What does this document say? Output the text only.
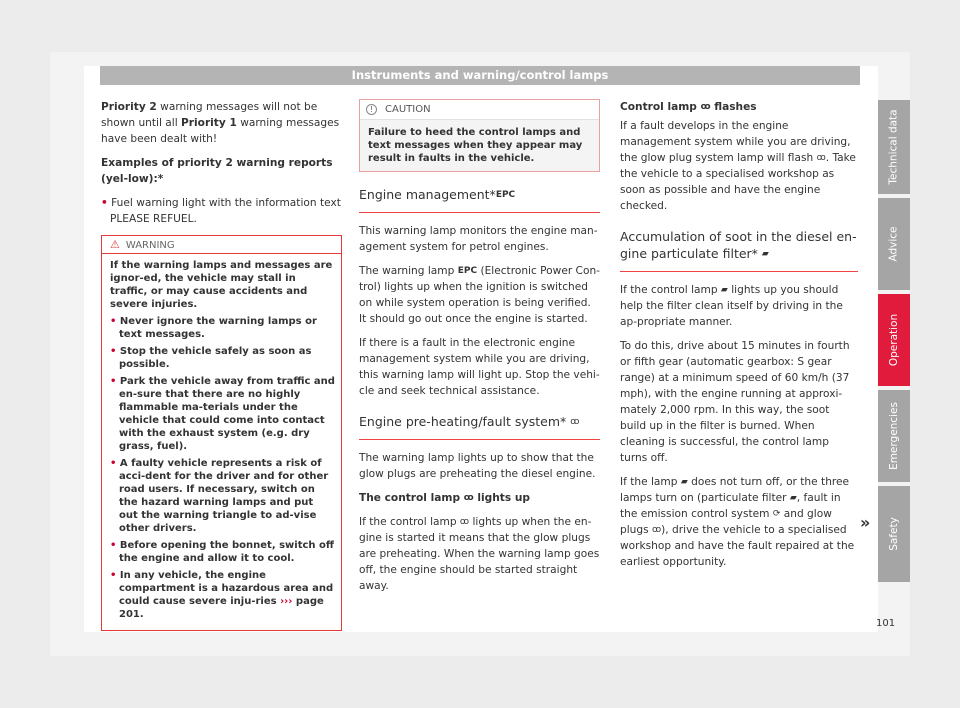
Instruments and warning/control lamps

Priority 2 warning messages will not be shown until all Priority 1 warning messages have been dealt with!

Examples of priority 2 warning reports (yel-low):*

• Fuel warning light with the information text PLEASE REFUEL.

⚠ WARNING

If the warning lamps and messages are ignor-ed, the vehicle may stall in traffic, or may cause accidents and severe injuries.

• Never ignore the warning lamps or text messages.

• Stop the vehicle safely as soon as possible.

• Park the vehicle away from traffic and en-sure that there are no highly flammable ma-terials under the vehicle that could come into contact with the exhaust system (e.g. dry grass, fuel).

• A faulty vehicle represents a risk of acci-dent for the driver and for other road users. If necessary, switch on the hazard warning lamps and put out the warning triangle to ad-vise other drivers.

• Before opening the bonnet, switch off the engine and allow it to cool.

• In any vehicle, the engine compartment is a hazardous area and could cause severe inju-ries ››› page 201.

! CAUTION
Failure to heed the control lamps and text messages when they appear may result in faults in the vehicle.
Engine management*EPC

This warning lamp monitors the engine man-agement system for petrol engines.

The warning lamp EPC (Electronic Power Con-trol) lights up when the ignition is switched on while system operation is being verified. It should go out once the engine is started.

If there is a fault in the electronic engine management system while you are driving, this warning lamp will light up. Stop the vehi-cle and seek technical assistance.

Engine pre-heating/fault system* ꝏ

The warning lamp lights up to show that the glow plugs are preheating the diesel engine.

The control lamp ꝏ lights up

If the control lamp ꝏ lights up when the en-gine is started it means that the glow plugs are preheating. When the warning lamp goes off, the engine should be started straight away.

Control lamp ꝏ flashes

If a fault develops in the engine management system while you are driving, the glow plug system lamp will flash ꝏ. Take the vehicle to a specialised workshop as soon as possible and have the engine checked.

Accumulation of soot in the diesel en-gine particulate filter* ▰

If the control lamp ▰ lights up you should help the filter clean itself by driving in the ap-propriate manner.

To do this, drive about 15 minutes in fourth or fifth gear (automatic gearbox: S gear range) at a minimum speed of 60 km/h (37 mph), with the engine running at approxi-mately 2,000 rpm. In this way, the soot build up in the filter is burned. When cleaning is successful, the control lamp turns off.

If the lamp ▰ does not turn off, or the three lamps turn on (particulate filter ▰, fault in the emission control system ⟳ and glow plugs ꝏ), drive the vehicle to a specialised workshop and have the fault repaired at the earliest opportunity.

»
Technical data
Advice
Operation
Emergencies
Safety
101
